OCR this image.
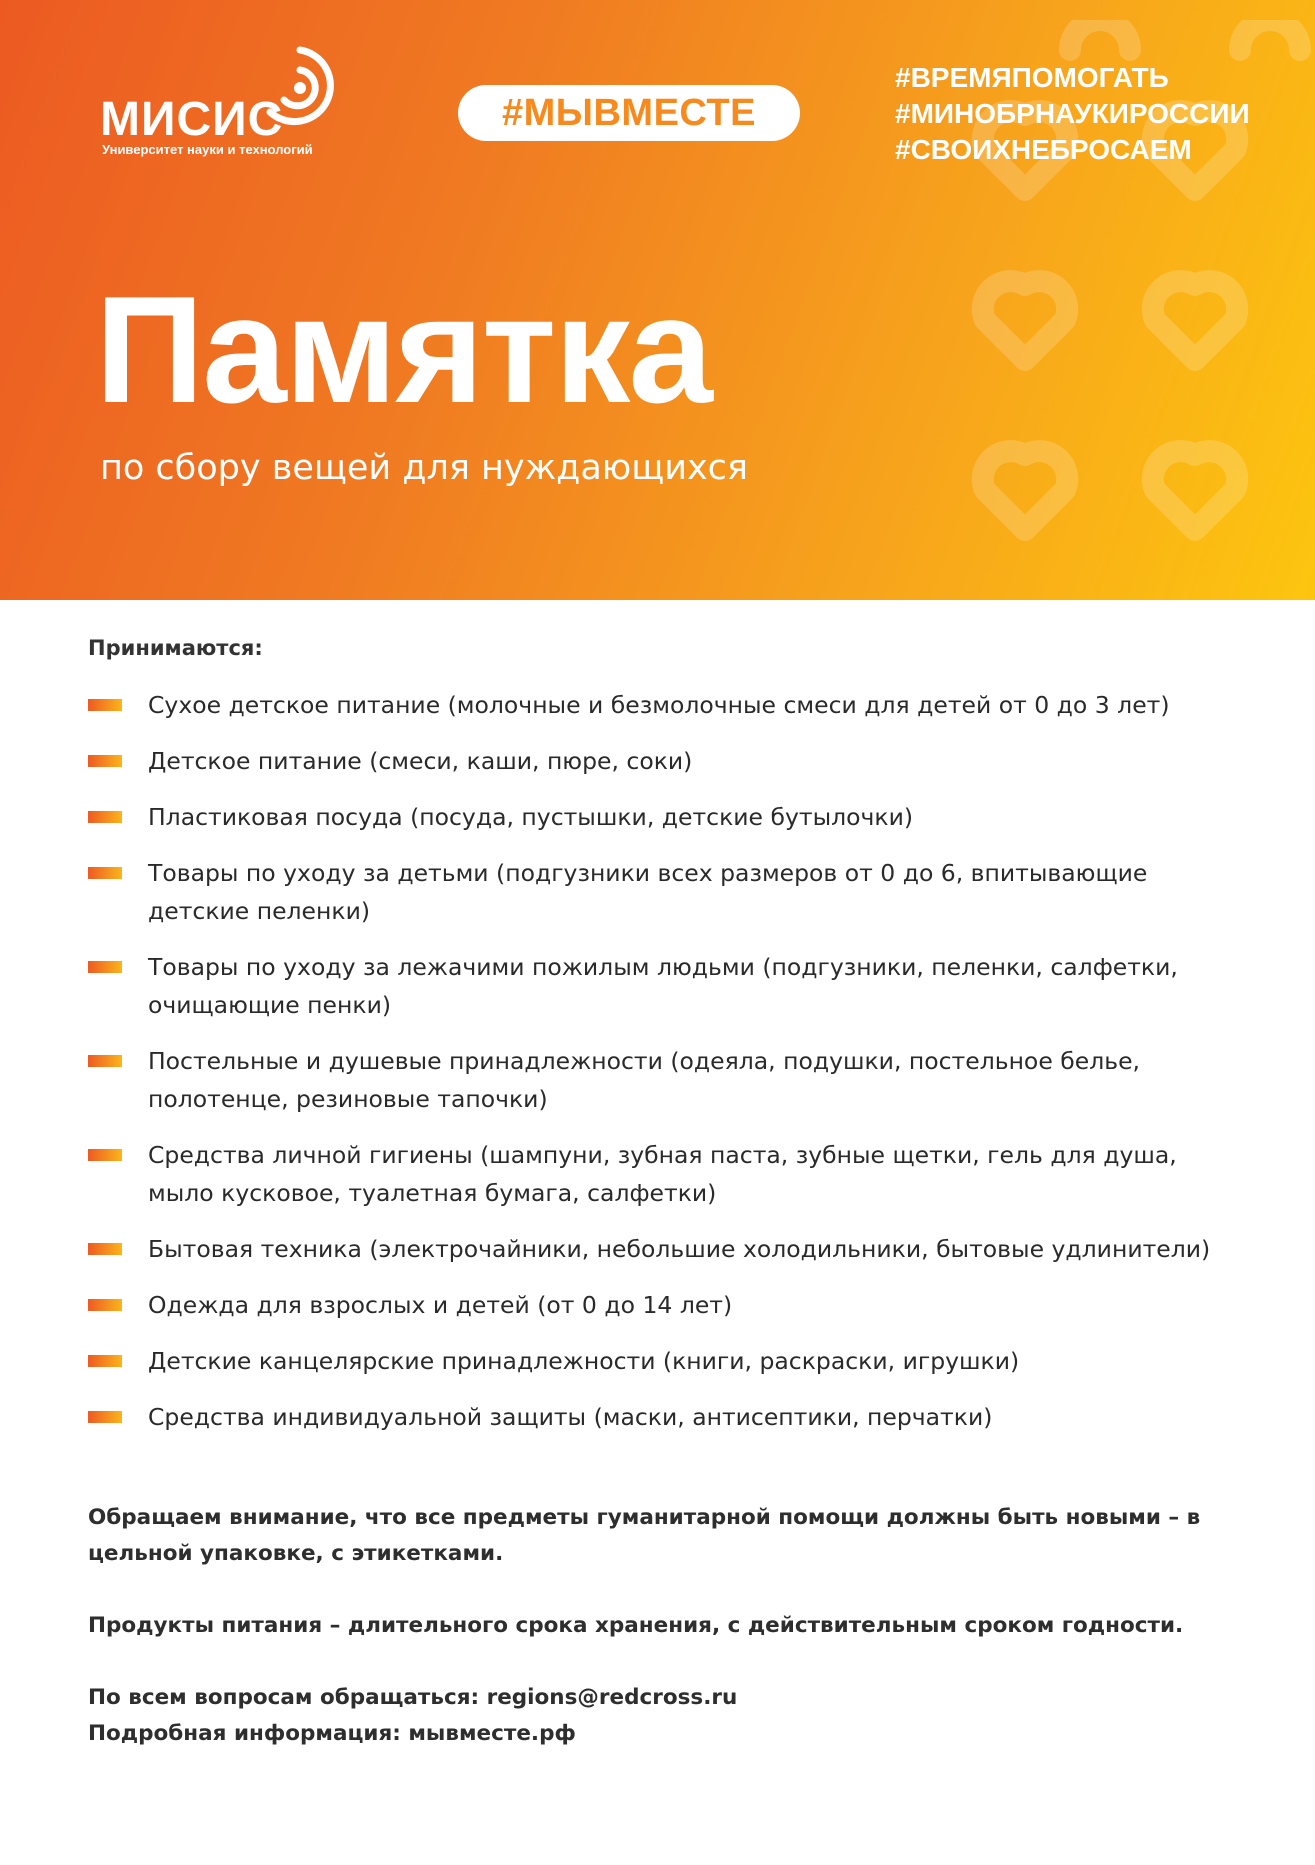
МИСИС
Университет науки и технологий
#МЫВМЕСТЕ
#ВРЕМЯПОМОГАТЬ
#МИНОБРНАУКИРОССИИ
#СВОИХНЕБРОСАЕМ
Памятка
по сбору вещей для нуждающихся
Принимаются:
Сухое детское питание (молочные и безмолочные смеси для детей от 0 до 3 лет)
Детское питание (смеси, каши, пюре, соки)
Пластиковая посуда (посуда, пустышки, детские бутылочки)
Товары по уходу за детьми (подгузники всех размеров от 0 до 6, впитывающие детские пеленки)
Товары по уходу за лежачими пожилым людьми (подгузники, пеленки, салфетки, очищающие пенки)
Постельные и душевые принадлежности (одеяла, подушки, постельное белье, полотенце, резиновые тапочки)
Средства личной гигиены (шампуни, зубная паста, зубные щетки, гель для душа, мыло кусковое, туалетная бумага, салфетки)
Бытовая техника (электрочайники, небольшие холодильники, бытовые удлинители)
Одежда для взрослых и детей (от 0 до 14 лет)
Детские канцелярские принадлежности (книги, раскраски, игрушки)
Средства индивидуальной защиты (маски, антисептики, перчатки)

Обращаем внимание, что все предметы гуманитарной помощи должны быть новыми – в цельной упаковке, с этикетками.

Продукты питания – длительного срока хранения, с действительным сроком годности.

По всем вопросам обращаться: regions@redcross.ru
Подробная информация: мывместе.рф
